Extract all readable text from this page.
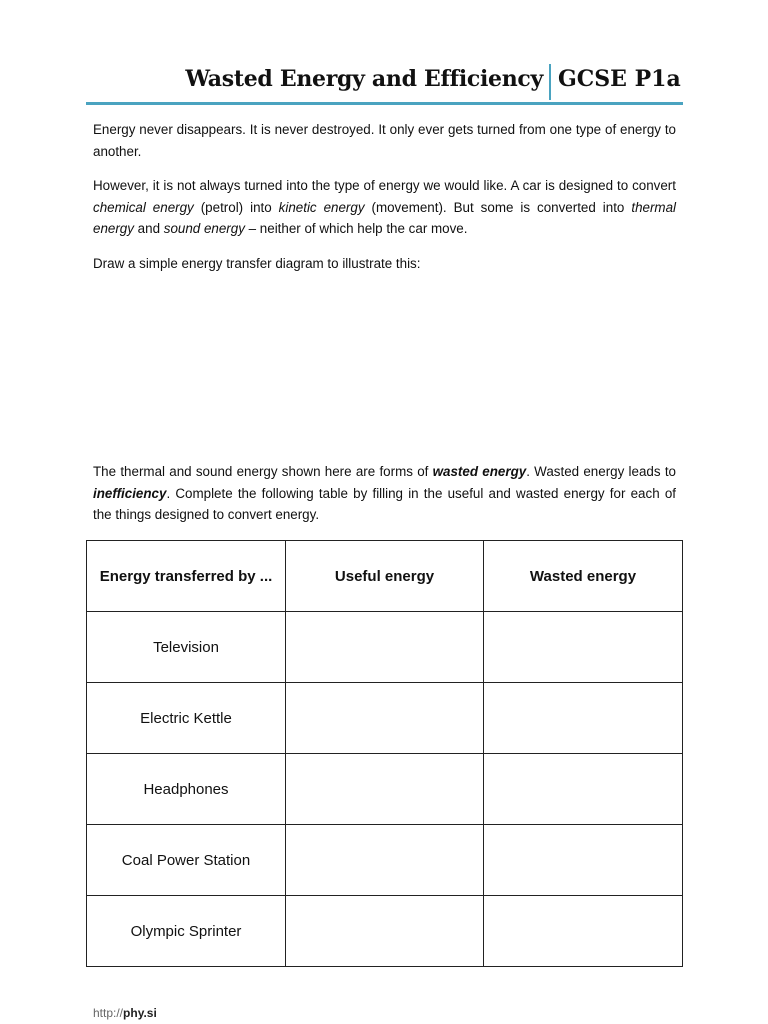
Wasted Energy and Efficiency GCSE P1a

Energy never disappears. It is never destroyed. It only ever gets turned from one type of energy to another.

However, it is not always turned into the type of energy we would like. A car is designed to convert chemical energy (petrol) into kinetic energy (movement). But some is converted into thermal energy and sound energy – neither of which help the car move.

Draw a simple energy transfer diagram to illustrate this:

The thermal and sound energy shown here are forms of wasted energy. Wasted energy leads to inefficiency. Complete the following table by filling in the useful and wasted energy for each of the things designed to convert energy.

Energy transferred by ...	Useful energy	Wasted energy
Television		
Electric Kettle		
Headphones		
Coal Power Station		
Olympic Sprinter		
http://phy.si
